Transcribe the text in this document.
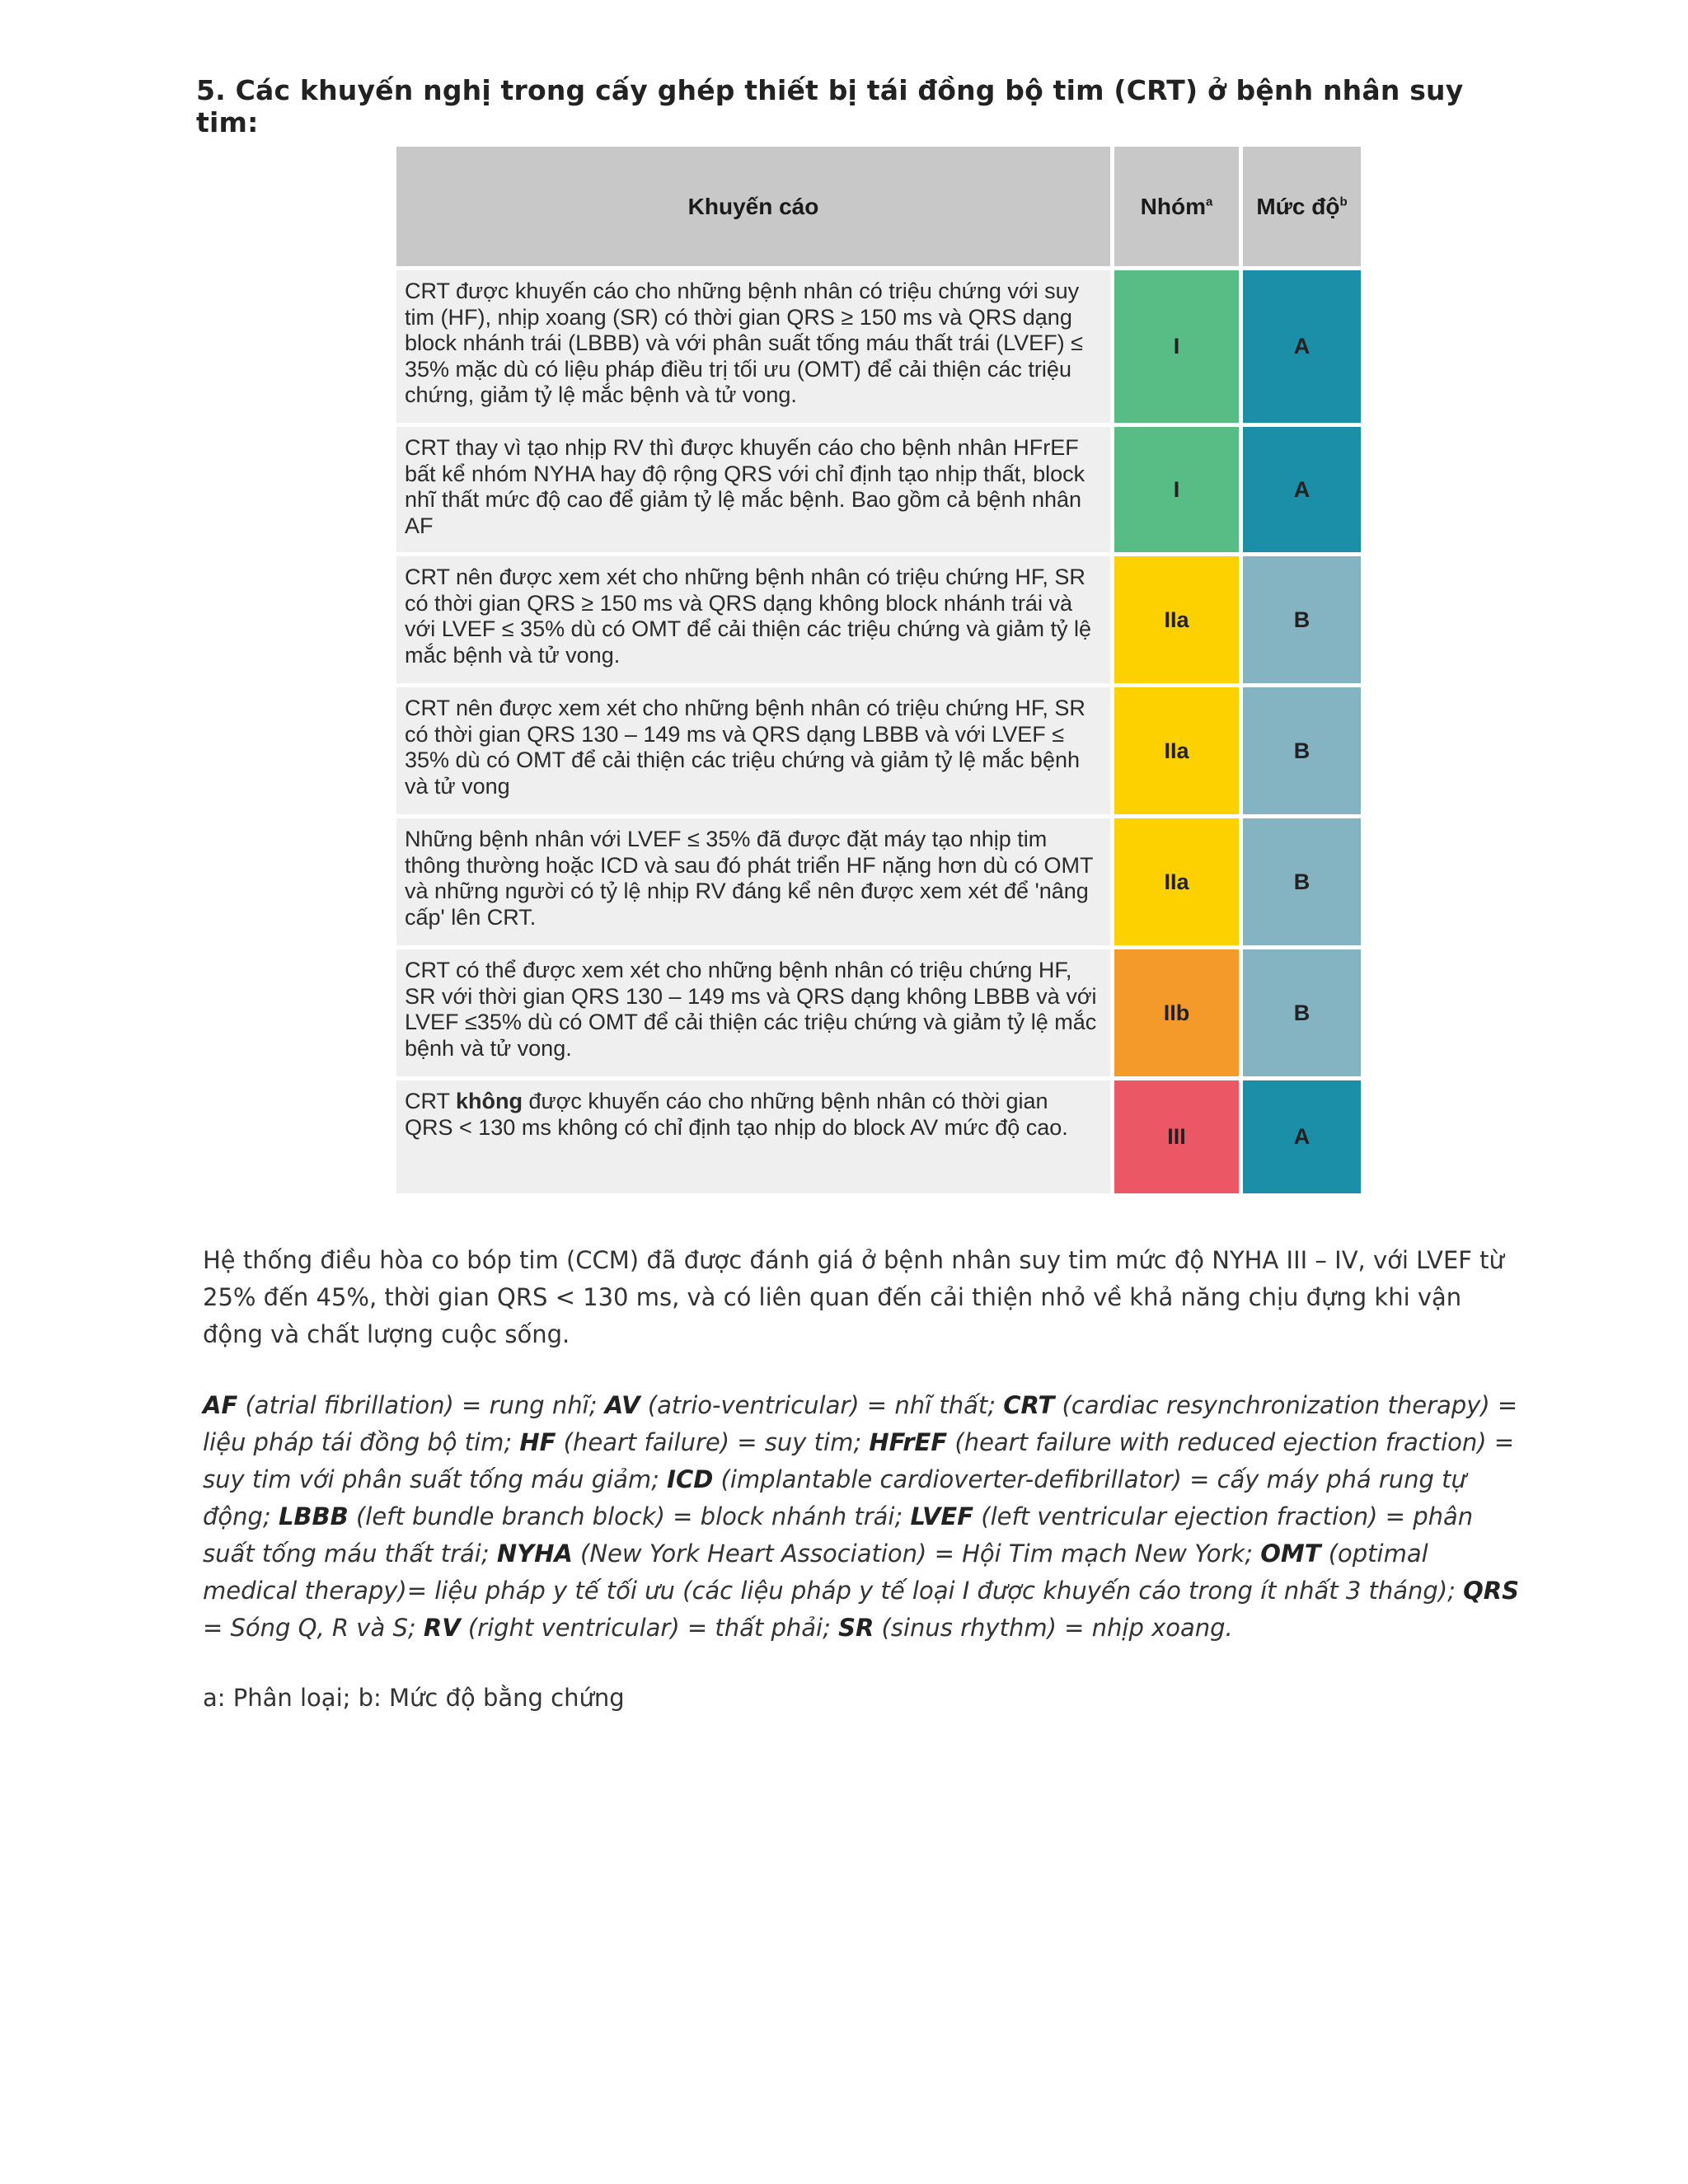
5. Các khuyến nghị trong cấy ghép thiết bị tái đồng bộ tim (CRT) ở bệnh nhân suy tim:
Khuyến cáo	Nhóm$^a$	Mức độ$^b$
CRT được khuyến cáo cho những bệnh nhân có triệu chứng với suy tim (HF), nhịp xoang (SR) có thời gian QRS ≥ 150 ms và QRS dạng block nhánh trái (LBBB) và với phân suất tống máu thất trái (LVEF) ≤ 35% mặc dù có liệu pháp điều trị tối ưu (OMT) để cải thiện các triệu chứng, giảm tỷ lệ mắc bệnh và tử vong.	I	A
CRT thay vì tạo nhịp RV thì được khuyến cáo cho bệnh nhân HFrEF bất kể nhóm NYHA hay độ rộng QRS với chỉ định tạo nhịp thất, block nhĩ thất mức độ cao để giảm tỷ lệ mắc bệnh. Bao gồm cả bệnh nhân AF	I	A
CRT nên được xem xét cho những bệnh nhân có triệu chứng HF, SR có thời gian QRS ≥ 150 ms và QRS dạng không block nhánh trái và với LVEF ≤ 35% dù có OMT để cải thiện các triệu chứng và giảm tỷ lệ mắc bệnh và tử vong.	IIa	B
CRT nên được xem xét cho những bệnh nhân có triệu chứng HF, SR có thời gian QRS 130 – 149 ms và QRS dạng LBBB và với LVEF ≤ 35% dù có OMT để cải thiện các triệu chứng và giảm tỷ lệ mắc bệnh và tử vong	IIa	B
Những bệnh nhân với LVEF ≤ 35% đã được đặt máy tạo nhịp tim thông thường hoặc ICD và sau đó phát triển HF nặng hơn dù có OMT và những người có tỷ lệ nhịp RV đáng kể nên được xem xét để 'nâng cấp' lên CRT.	IIa	B
CRT có thể được xem xét cho những bệnh nhân có triệu chứng HF, SR với thời gian QRS 130 – 149 ms và QRS dạng không LBBB và với LVEF ≤35% dù có OMT để cải thiện các triệu chứng và giảm tỷ lệ mắc bệnh và tử vong.	IIb	B
CRT không được khuyến cáo cho những bệnh nhân có thời gian QRS < 130 ms không có chỉ định tạo nhịp do block AV mức độ cao.	III	A

Hệ thống điều hòa co bóp tim (CCM) đã được đánh giá ở bệnh nhân suy tim mức độ NYHA III – IV, với LVEF từ 25% đến 45%, thời gian QRS < 130 ms, và có liên quan đến cải thiện nhỏ về khả năng chịu đựng khi vận động và chất lượng cuộc sống.

AF (atrial fibrillation) = rung nhĩ; AV (atrio-ventricular) = nhĩ thất; CRT (cardiac resynchronization therapy) = liệu pháp tái đồng bộ tim; HF (heart failure) = suy tim; HFrEF (heart failure with reduced ejection fraction) = suy tim với phân suất tống máu giảm; ICD (implantable cardioverter-defibrillator) = cấy máy phá rung tự động; LBBB (left bundle branch block) = block nhánh trái; LVEF (left ventricular ejection fraction) = phân suất tống máu thất trái; NYHA (New York Heart Association) = Hội Tim mạch New York; OMT (optimal medical therapy)= liệu pháp y tế tối ưu (các liệu pháp y tế loại I được khuyến cáo trong ít nhất 3 tháng); QRS = Sóng Q, R và S; RV (right ventricular) = thất phải; SR (sinus rhythm) = nhịp xoang.

a: Phân loại; b: Mức độ bằng chứng
